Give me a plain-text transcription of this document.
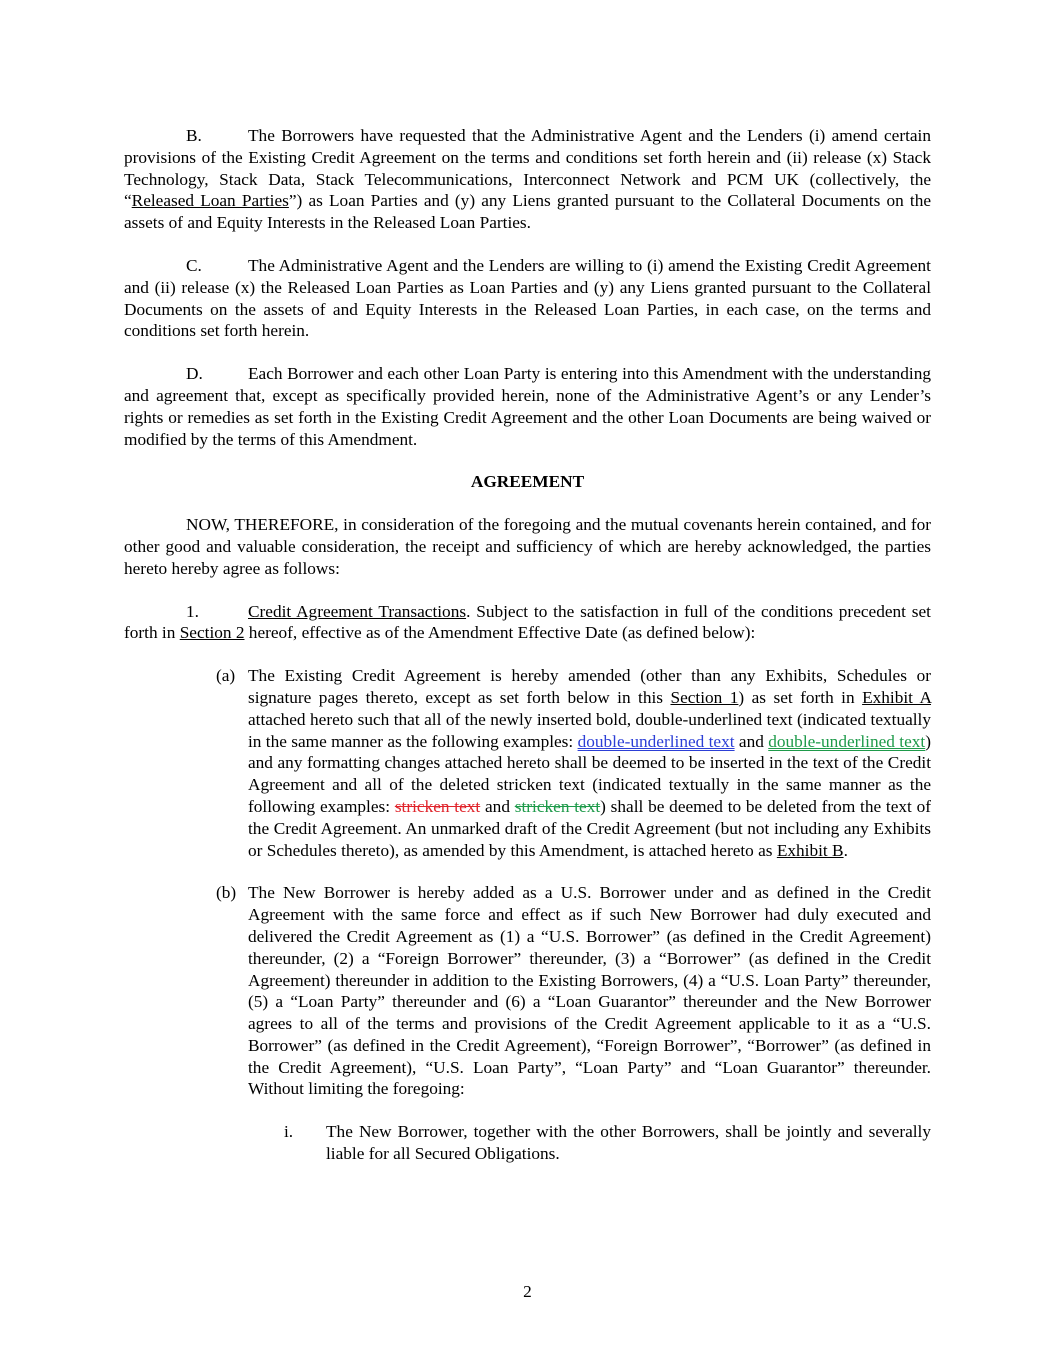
B.	The Borrowers have requested that the Administrative Agent and the Lenders (i) amend certain provisions of the Existing Credit Agreement on the terms and conditions set forth herein and (ii) release (x) Stack Technology, Stack Data, Stack Telecommunications, Interconnect Network and PCM UK (collectively, the “Released Loan Parties”) as Loan Parties and (y) any Liens granted pursuant to the Collateral Documents on the assets of and Equity Interests in the Released Loan Parties.

C.	The Administrative Agent and the Lenders are willing to (i) amend the Existing Credit Agreement and (ii) release (x) the Released Loan Parties as Loan Parties and (y) any Liens granted pursuant to the Collateral Documents on the assets of and Equity Interests in the Released Loan Parties, in each case, on the terms and conditions set forth herein.

D.	Each Borrower and each other Loan Party is entering into this Amendment with the understanding and agreement that, except as specifically provided herein, none of the Administrative Agent’s or any Lender’s rights or remedies as set forth in the Existing Credit Agreement and the other Loan Documents are being waived or modified by the terms of this Amendment.

AGREEMENT

NOW, THEREFORE, in consideration of the foregoing and the mutual covenants herein contained, and for other good and valuable consideration, the receipt and sufficiency of which are hereby acknowledged, the parties hereto hereby agree as follows:

1.	Credit Agreement Transactions. Subject to the satisfaction in full of the conditions precedent set forth in Section 2 hereof, effective as of the Amendment Effective Date (as defined below):

(a) The Existing Credit Agreement is hereby amended (other than any Exhibits, Schedules or signature pages thereto, except as set forth below in this Section 1) as set forth in Exhibit A attached hereto such that all of the newly inserted bold, double-underlined text (indicated textually in the same manner as the following examples: double-underlined text and double-underlined text) and any formatting changes attached hereto shall be deemed to be inserted in the text of the Credit Agreement and all of the deleted stricken text (indicated textually in the same manner as the following examples: stricken text and stricken text) shall be deemed to be deleted from the text of the Credit Agreement. An unmarked draft of the Credit Agreement (but not including any Exhibits or Schedules thereto), as amended by this Amendment, is attached hereto as Exhibit B.
(b) The New Borrower is hereby added as a U.S. Borrower under and as defined in the Credit Agreement with the same force and effect as if such New Borrower had duly executed and delivered the Credit Agreement as (1) a “U.S. Borrower” (as defined in the Credit Agreement) thereunder, (2) a “Foreign Borrower” thereunder, (3) a “Borrower” (as defined in the Credit Agreement) thereunder in addition to the Existing Borrowers, (4) a “U.S. Loan Party” thereunder, (5) a “Loan Party” thereunder and (6) a “Loan Guarantor” thereunder and the New Borrower agrees to all of the terms and provisions of the Credit Agreement applicable to it as a “U.S. Borrower” (as defined in the Credit Agreement), “Foreign Borrower”, “Borrower” (as defined in the Credit Agreement), “U.S. Loan Party”, “Loan Party” and “Loan Guarantor” thereunder. Without limiting the foregoing:
i. The New Borrower, together with the other Borrowers, shall be jointly and severally liable for all Secured Obligations.
2
